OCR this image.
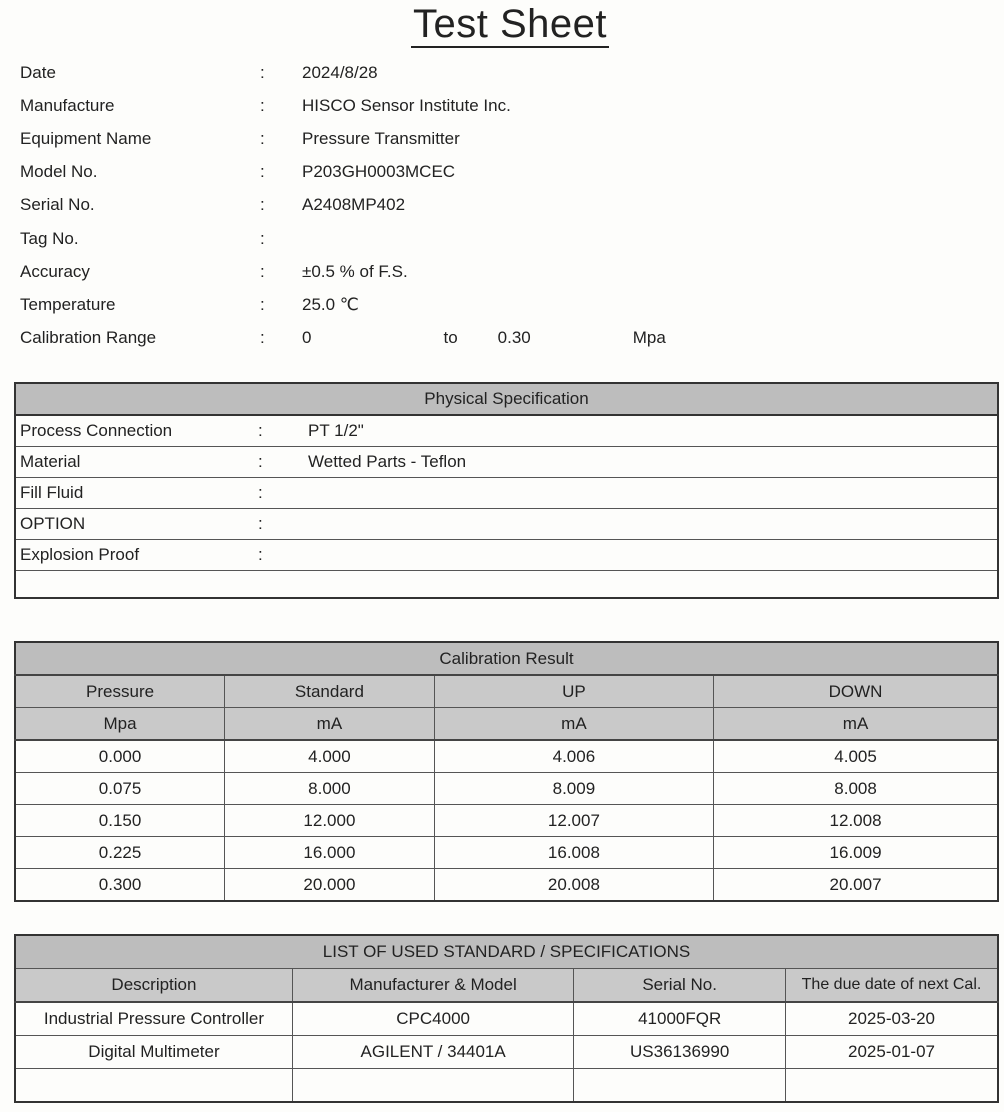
Test Sheet
Date	:	2024/8/28
Manufacture	:	HISCO Sensor Institute Inc.
Equipment Name	:	Pressure Transmitter
Model No.	:	P203GH0003MCEC
Serial No.	:	A2408MP402
Tag No.	:
Accuracy	:	±0.5 % of F.S.
Temperature	:	25.0 ℃
Calibration Range	:	0	to 0.30	Mpa
Physical Specification		
Process Connection	:	PT 1/2"
Material	:	Wetted Parts - Teflon
Fill Fluid	:	
OPTION	:	
Explosion Proof	:	

Calibration Result			
Pressure	Standard	UP	DOWN
Mpa	mA	mA	mA
0.000	4.000	4.006	4.005
0.075	8.000	8.009	8.008
0.150	12.000	12.007	12.008
0.225	16.000	16.008	16.009
0.300	20.000	20.008	20.007
LIST OF USED STANDARD / SPECIFICATIONS			
Description	Manufacturer & Model	Serial No.	The due date of next Cal.
Industrial Pressure Controller	CPC4000	41000FQR	2025-03-20
Digital Multimeter	AGILENT / 34401A	US36136990	2025-01-07
